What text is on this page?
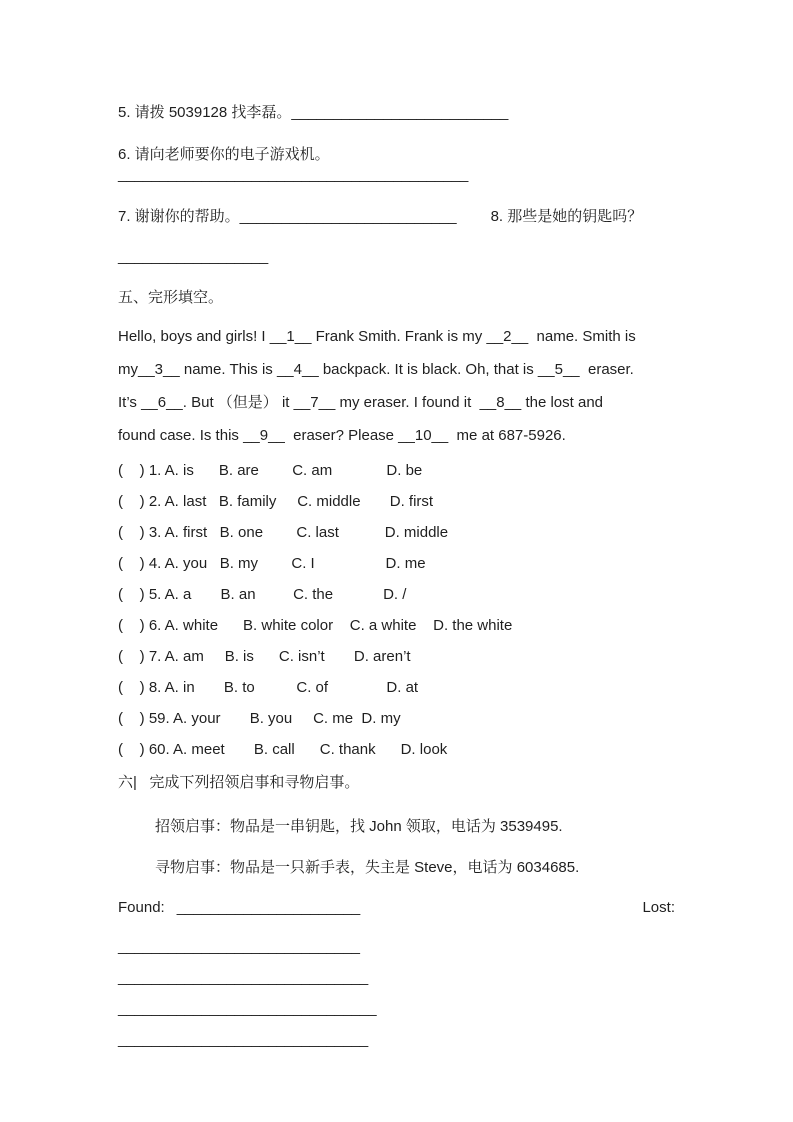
5. 请拨 5039128 找李磊。__________________________
6. 请向老师要你的电子游戏机。__________________________________________
7. 谢谢你的帮助。__________________________ 8. 那些是她的钥匙吗？
__________________
五、完形填空。
Hello, boys and girls! I __1__ Frank Smith. Frank is my __2__  name. Smith is
my__3__ name. This is __4__ backpack. It is black. Oh, that is __5__  eraser.
It’s __6__. But （但是） it __7__ my eraser. I found it  __8__ the lost and
found case. Is this __9__  eraser? Please __10__  me at 687-5926.
(    ) 1. A. is      B. are        C. am             D. be
(    ) 2. A. last   B. family     C. middle       D. first
(    ) 3. A. first   B. one        C. last           D. middle
(    ) 4. A. you   B. my        C. I                 D. me
(    ) 5. A. a       B. an         C. the            D. /
(    ) 6. A. white      B. white color    C. a white    D. the white
(    ) 7. A. am     B. is      C. isn’t       D. aren’t
(    ) 8. A. in       B. to          C. of              D. at
(    ) 59. A. your       B. you     C. me  D. my
(    ) 60. A. meet       B. call      C. thank      D. look
六|   完成下列招领启事和寻物启事。
招领启事：物品是一串钥匙，找 John 领取，电话为 3539495.
寻物启事：物品是一只新手表，失主是 Steve，电话为 6034685.
Found: ______________________	Lost:
_____________________________
______________________________
_______________________________
______________________________
